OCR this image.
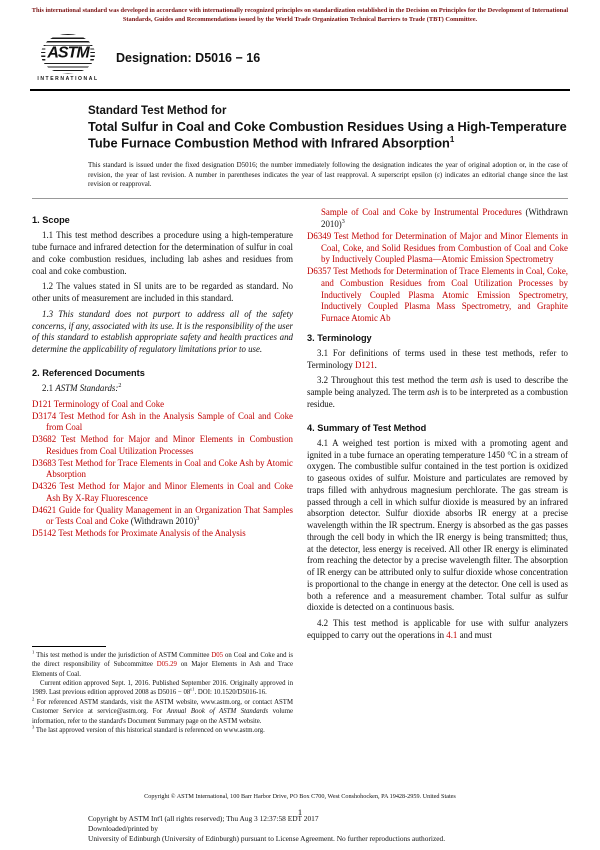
This international standard was developed in accordance with internationally recognized principles on standardization established in the Decision on Principles for the Development of International Standards, Guides and Recommendations issued by the World Trade Organization Technical Barriers to Trade (TBT) Committee.
ASTM
INTERNATIONAL
Designation: D5016 − 16
Standard Test Method for
Total Sulfur in Coal and Coke Combustion Residues Using a High-Temperature Tube Furnace Combustion Method with Infrared Absorption$^1$
This standard is issued under the fixed designation D5016; the number immediately following the designation indicates the year of original adoption or, in the case of revision, the year of last revision. A number in parentheses indicates the year of last reapproval. A superscript epsilon (ε) indicates an editorial change since the last revision or reapproval.
1. Scope

1.1 This test method describes a procedure using a high-temperature tube furnace and infrared detection for the determination of sulfur in coal and coke combustion residues, including lab ashes and residues from coal and coke combustion.

1.2 The values stated in SI units are to be regarded as standard. No other units of measurement are included in this standard.

1.3 This standard does not purport to address all of the safety concerns, if any, associated with its use. It is the responsibility of the user of this standard to establish appropriate safety and health practices and determine the applicability of regulatory limitations prior to use.

2. Referenced Documents

2.1 ASTM Standards:$^2$

D121 Terminology of Coal and Coke
D3174 Test Method for Ash in the Analysis Sample of Coal and Coke from Coal
D3682 Test Method for Major and Minor Elements in Combustion Residues from Coal Utilization Processes
D3683 Test Method for Trace Elements in Coal and Coke Ash by Atomic Absorption
D4326 Test Method for Major and Minor Elements in Coal and Coke Ash By X-Ray Fluorescence
D4621 Guide for Quality Management in an Organization That Samples or Tests Coal and Coke (Withdrawn 2010)$^3$
D5142 Test Methods for Proximate Analysis of the Analysis
$^1$ This test method is under the jurisdiction of ASTM Committee D05 on Coal and Coke and is the direct responsibility of Subcommittee D05.29 on Major Elements in Ash and Trace Elements of Coal.
Current edition approved Sept. 1, 2016. Published September 2016. Originally approved in 1989. Last previous edition approved 2008 as $D5016 - 08^{\varepsilon 1}$. DOI: 10.1520/D5016-16.
$^2$ For referenced ASTM standards, visit the ASTM website, www.astm.org, or contact ASTM Customer Service at service@astm.org. For Annual Book of ASTM Standards volume information, refer to the standard's Document Summary page on the ASTM website.
$^3$ The last approved version of this historical standard is referenced on www.astm.org.
Sample of Coal and Coke by Instrumental Procedures (Withdrawn 2010)$^3$
D6349 Test Method for Determination of Major and Minor Elements in Coal, Coke, and Solid Residues from Combustion of Coal and Coke by Inductively Coupled Plasma—Atomic Emission Spectrometry
D6357 Test Methods for Determination of Trace Elements in Coal, Coke, and Combustion Residues from Coal Utilization Processes by Inductively Coupled Plasma Atomic Emission Spectrometry, Inductively Coupled Plasma Mass Spectrometry, and Graphite Furnace Atomic Ab
3. Terminology

3.1 For definitions of terms used in these test methods, refer to Terminology D121.

3.2 Throughout this test method the term ash is used to describe the sample being analyzed. The term ash is to be interpreted as a combustion residue.

4. Summary of Test Method

4.1 A weighed test portion is mixed with a promoting agent and ignited in a tube furnace an operating temperature 1450 °C in a stream of oxygen. The combustible sulfur contained in the test portion is oxidized to gaseous oxides of sulfur. Moisture and particulates are removed by traps filled with anhydrous magnesium perchlorate. The gas stream is passed through a cell in which sulfur dioxide is measured by an infrared absorption detector. Sulfur dioxide absorbs IR energy at a precise wavelength within the IR spectrum. Energy is absorbed as the gas passes through the cell body in which the IR energy is being transmitted; thus, at the detector, less energy is received. All other IR energy is eliminated from reaching the detector by a precise wavelength filter. The absorption of IR energy can be attributed only to sulfur dioxide whose concentration is proportional to the change in energy at the detector. One cell is used as both a reference and a measurement chamber. Total sulfur as sulfur dioxide is detected on a continuous basis.

4.2 This test method is applicable for use with sulfur analyzers equipped to carry out the operations in 4.1 and must

Copyright © ASTM International, 100 Barr Harbor Drive, PO Box C700, West Conshohocken, PA 19428-2959. United States
1
Copyright by ASTM Int'l (all rights reserved); Thu Aug 3 12:37:58 EDT 2017
Downloaded/printed by
University of Edinburgh (University of Edinburgh) pursuant to License Agreement. No further reproductions authorized.
